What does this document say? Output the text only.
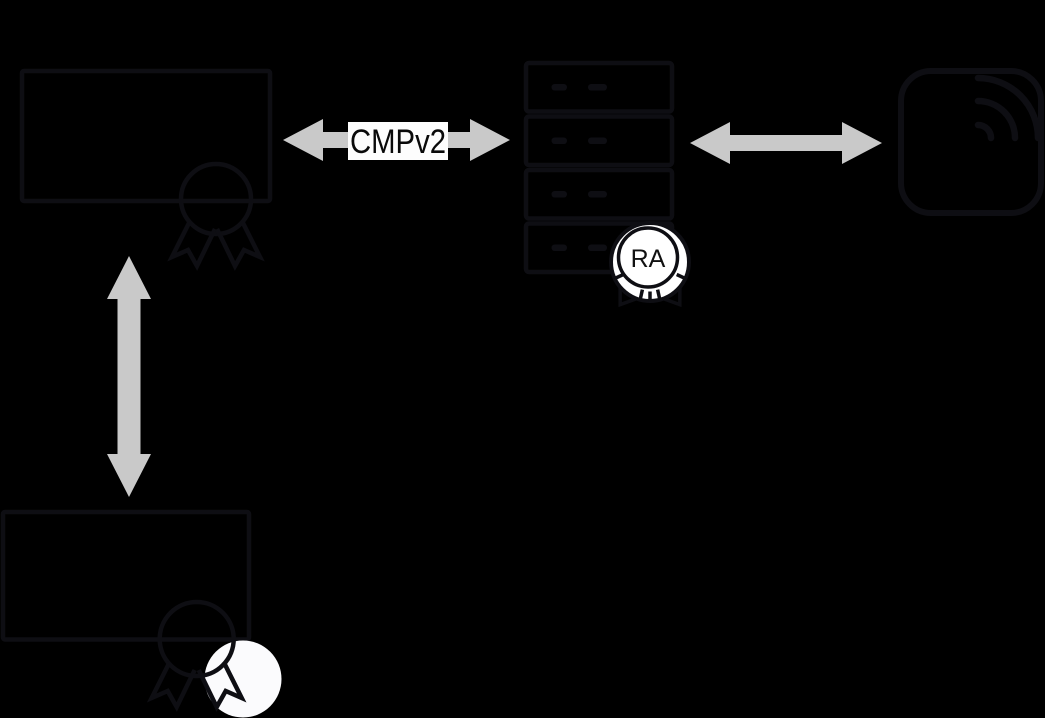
CMPv2
RA
